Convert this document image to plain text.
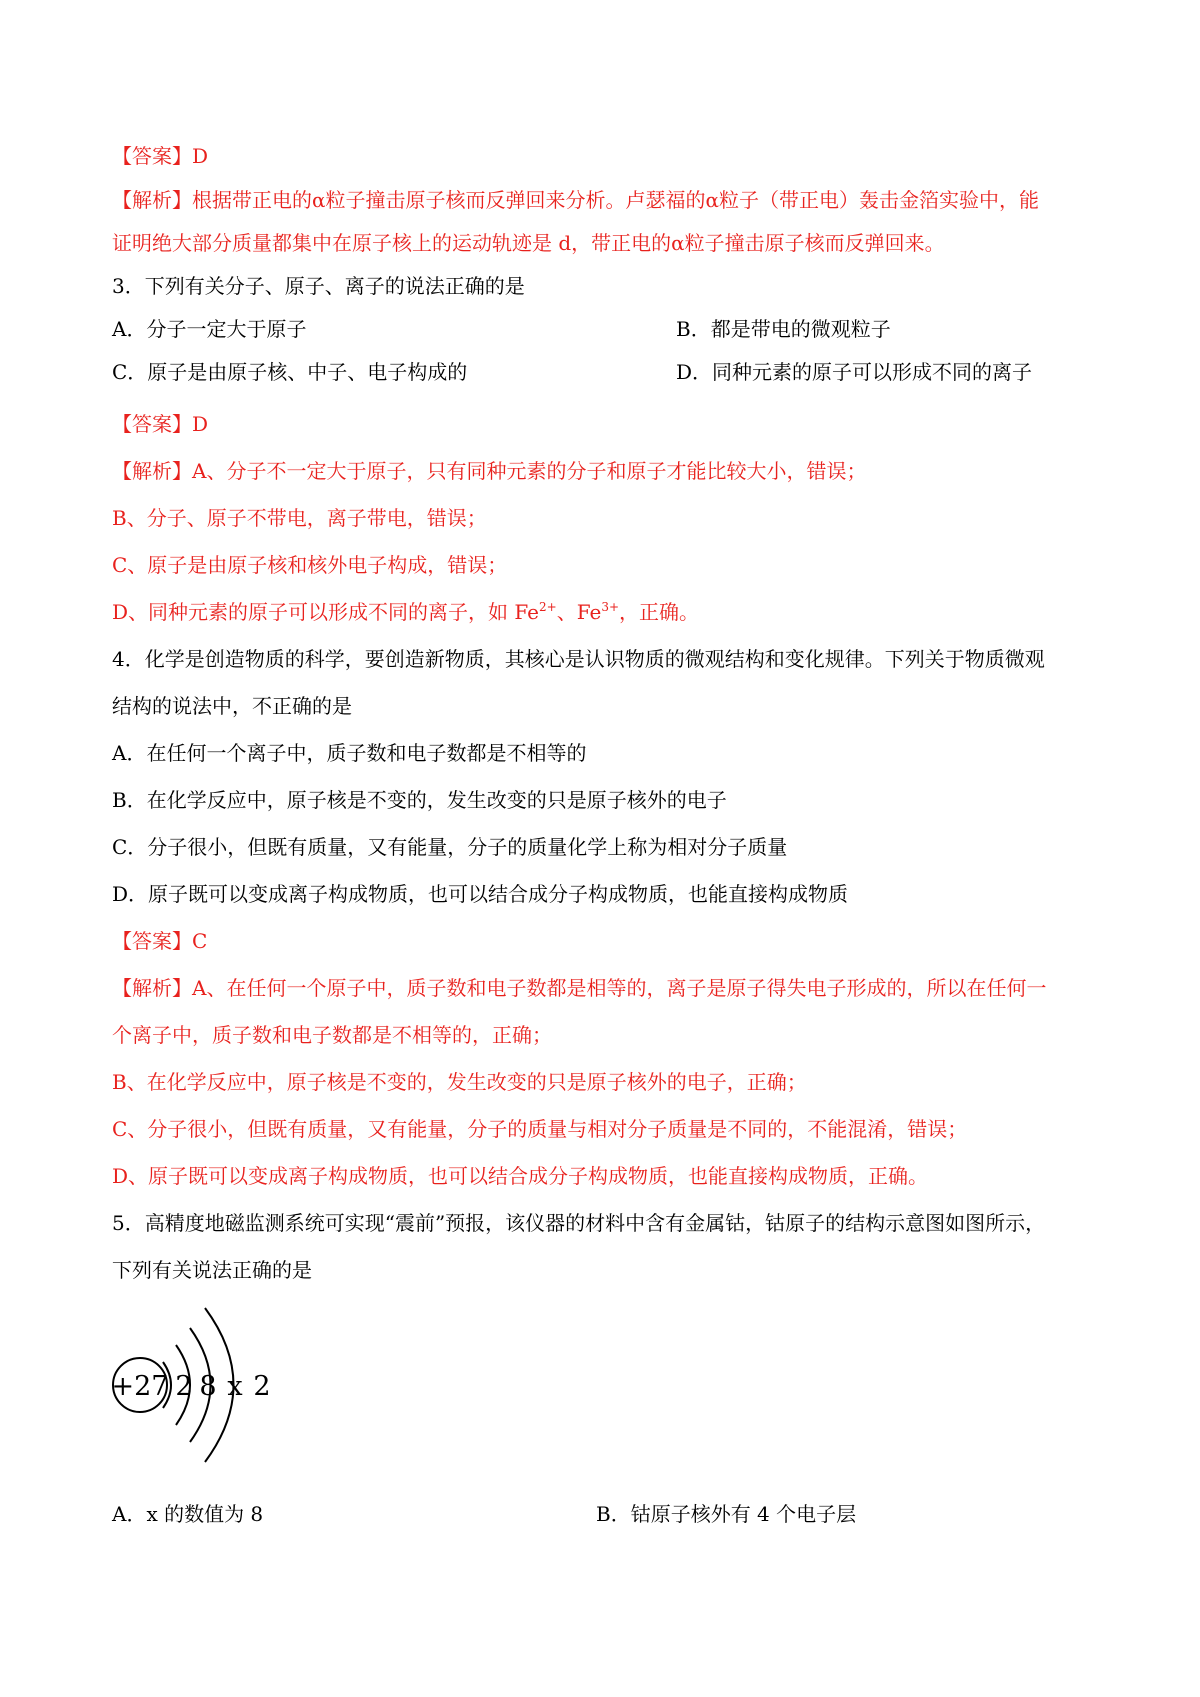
【答案】D
【解析】根据带正电的α粒子撞击原子核而反弹回来分析。卢瑟福的α粒子（带正电）轰击金箔实验中，能
证明绝大部分质量都集中在原子核上的运动轨迹是 d，带正电的α粒子撞击原子核而反弹回来。
3．下列有关分子、原子、离子的说法正确的是
A．分子一定大于原子	B．都是带电的微观粒子
C．原子是由原子核、中子、电子构成的	D．同种元素的原子可以形成不同的离子
【答案】D
【解析】A、分子不一定大于原子，只有同种元素的分子和原子才能比较大小，错误；
B、分子、原子不带电，离子带电，错误；
C、原子是由原子核和核外电子构成，错误；
D、同种元素的原子可以形成不同的离子，如 $Fe^{2+}$、$Fe^{3+}$，正确。
4．化学是创造物质的科学，要创造新物质，其核心是认识物质的微观结构和变化规律。下列关于物质微观
结构的说法中，不正确的是
A．在任何一个离子中，质子数和电子数都是不相等的
B．在化学反应中，原子核是不变的，发生改变的只是原子核外的电子
C．分子很小，但既有质量，又有能量，分子的质量化学上称为相对分子质量
D．原子既可以变成离子构成物质，也可以结合成分子构成物质，也能直接构成物质
【答案】C
【解析】A、在任何一个原子中，质子数和电子数都是相等的，离子是原子得失电子形成的，所以在任何一
个离子中，质子数和电子数都是不相等的，正确；
B、在化学反应中，原子核是不变的，发生改变的只是原子核外的电子，正确；
C、分子很小，但既有质量，又有能量，分子的质量与相对分子质量是不同的，不能混淆，错误；
D、原子既可以变成离子构成物质，也可以结合成分子构成物质，也能直接构成物质，正确。
5．高精度地磁监测系统可实现“震前”预报，该仪器的材料中含有金属钴，钴原子的结构示意图如图所示，
下列有关说法正确的是
+27 2 8 x 2
A．x 的数值为 8	B．钴原子核外有 4 个电子层
